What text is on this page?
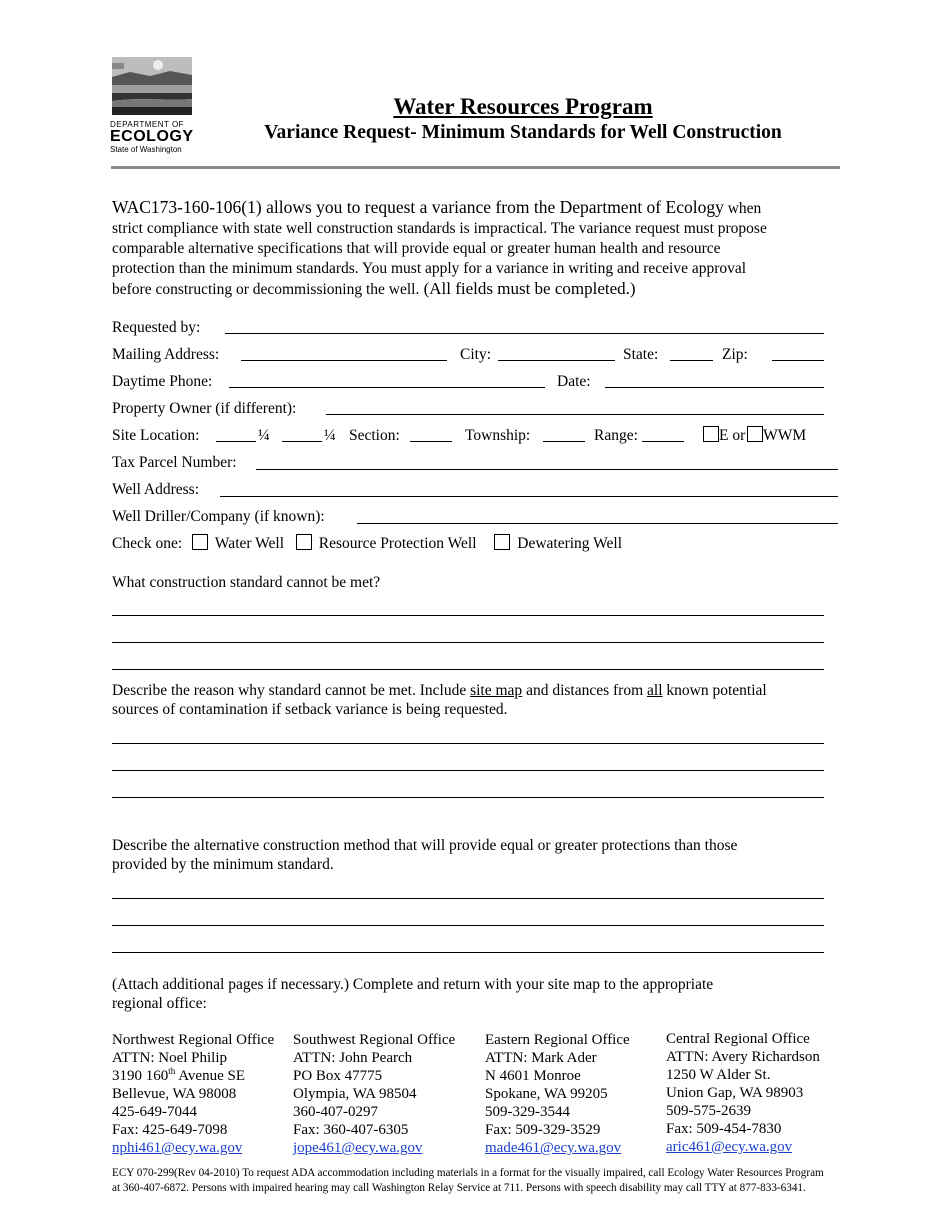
DEPARTMENT OF
ECOLOGY
State of Washington
Water Resources Program
Variance Request- Minimum Standards for Well Construction
WAC173-160-106(1) allows you to request a variance from the Department of Ecology when
strict compliance with state well construction standards is impractical. The variance request must propose
comparable alternative specifications that will provide equal or greater human health and resource
protection than the minimum standards. You must apply for a variance in writing and receive approval
before constructing or decommissioning the well. (All fields must be completed.)
Requested by:
Mailing Address:	City:	State:	Zip:
Daytime Phone:	Date:
Property Owner (if different):
Site Location:	¼	¼ Section:	Township:	Range:	E or WWM
Tax Parcel Number:
Well Address:
Well Driller/Company (if known):
Check one: Water Well Resource Protection Well	Dewatering Well
What construction standard cannot be met?
Describe the reason why standard cannot be met. Include site map and distances from all known potential
sources of contamination if setback variance is being requested.
Describe the alternative construction method that will provide equal or greater protections than those
provided by the minimum standard.
(Attach additional pages if necessary.) Complete and return with your site map to the appropriate
regional office:
Northwest Regional Office
ATTN: Noel Philip
3190 160th Avenue SE
Bellevue, WA 98008
425-649-7044
Fax: 425-649-7098
nphi461@ecy.wa.gov
Southwest Regional Office
ATTN: John Pearch
PO Box 47775
Olympia, WA 98504
360-407-0297
Fax: 360-407-6305
jope461@ecy.wa.gov
Eastern Regional Office
ATTN: Mark Ader
N 4601 Monroe
Spokane, WA 99205
509-329-3544
Fax: 509-329-3529
made461@ecy.wa.gov
Central Regional Office
ATTN: Avery Richardson
1250 W Alder St.
Union Gap, WA 98903
509-575-2639
Fax: 509-454-7830
aric461@ecy.wa.gov
ECY 070-299(Rev 04-2010) To request ADA accommodation including materials in a format for the visually impaired, call Ecology Water Resources Program
at 360-407-6872. Persons with impaired hearing may call Washington Relay Service at 711. Persons with speech disability may call TTY at 877-833-6341.
